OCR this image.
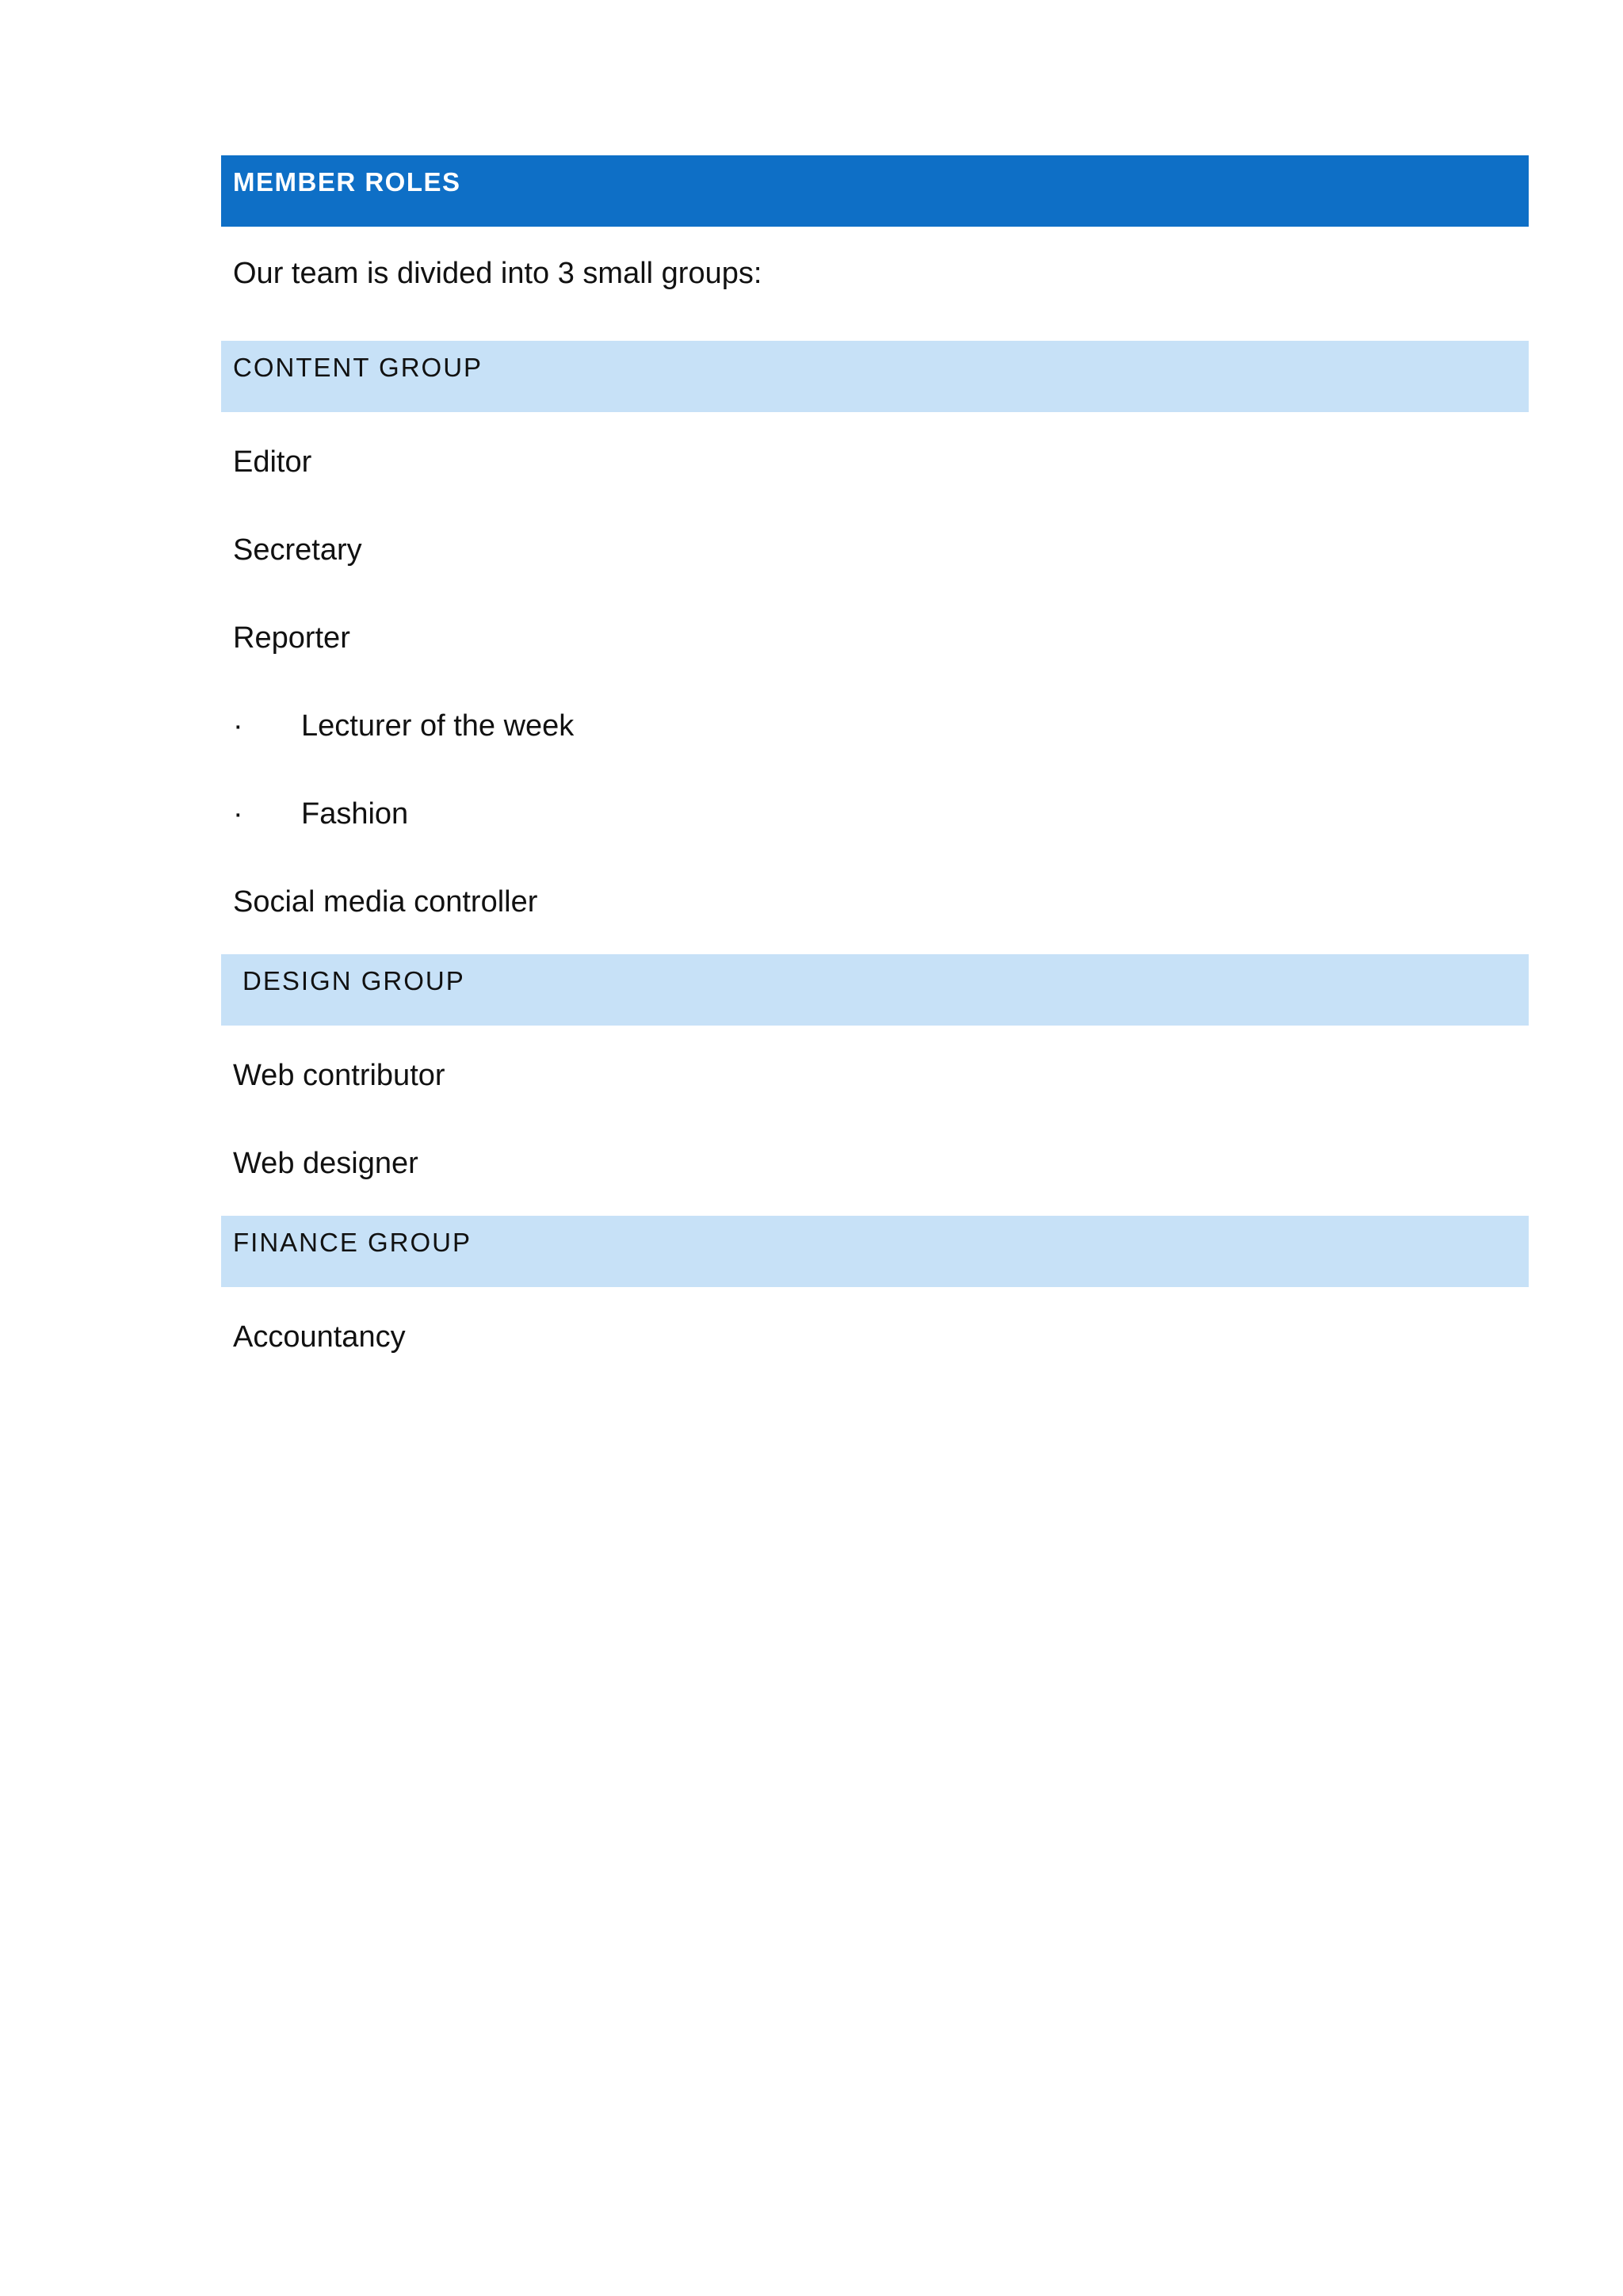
MEMBER ROLES
Our team is divided into 3 small groups:
CONTENT GROUP
Editor
Secretary
Reporter
· Lecturer of the week
· Fashion
Social media controller
DESIGN GROUP
Web contributor
Web designer
FINANCE GROUP
Accountancy
